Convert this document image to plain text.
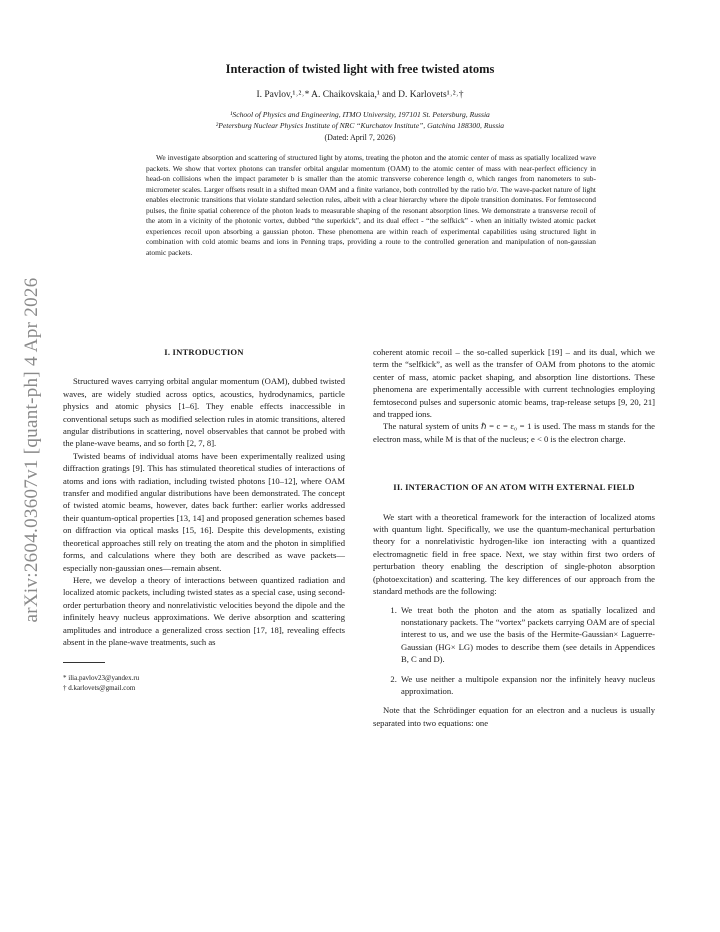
arXiv:2604.03607v1 [quant-ph] 4 Apr 2026
Interaction of twisted light with free twisted atoms
I. Pavlov,¹˒²˒* A. Chaikovskaia,¹ and D. Karlovets¹˒²˒†
¹School of Physics and Engineering, ITMO University, 197101 St. Petersburg, Russia
²Petersburg Nuclear Physics Institute of NRC “Kurchatov Institute”, Gatchina 188300, Russia
(Dated: April 7, 2026)

We investigate absorption and scattering of structured light by atoms, treating the photon and the atomic center of mass as spatially localized wave packets. We show that vortex photons can transfer orbital angular momentum (OAM) to the atomic center of mass with near-perfect efficiency in head-on collisions when the impact parameter b is smaller than the atomic transverse coherence length σ, which ranges from nanometers to sub-micrometer scales. Larger offsets result in a shifted mean OAM and a finite variance, both controlled by the ratio b/σ. The wave-packet nature of light enables electronic transitions that violate standard selection rules, albeit with a clear hierarchy where the dipole transition dominates. For femtosecond pulses, the finite spatial coherence of the photon leads to measurable shaping of the resonant absorption lines. We demonstrate a transverse recoil of the atom in a vicinity of the photonic vortex, dubbed “the superkick”, and its dual effect - “the selfkick” - when an initially twisted atomic packet experiences recoil upon absorbing a gaussian photon. These phenomena are within reach of experimental capabilities using structured light in combination with cold atomic beams and ions in Penning traps, providing a route to the controlled generation and manipulation of non-gaussian atomic packets.

I. INTRODUCTION

Structured waves carrying orbital angular momentum (OAM), dubbed twisted waves, are widely studied across optics, acoustics, hydrodynamics, particle physics and atomic physics [1–6]. They enable effects inaccessible in conventional setups such as modified selection rules in atomic transitions, altered angular distributions in scattering, novel observables that cannot be probed with the plane-wave beams, and so forth [2, 7, 8].

Twisted beams of individual atoms have been experimentally realized using diffraction gratings [9]. This has stimulated theoretical studies of interactions of atoms and ions with radiation, including twisted photons [10–12], where OAM transfer and modified angular distributions have been demonstrated. The concept of twisted atomic beams, however, dates back further: earlier works addressed their quantum-optical properties [13, 14] and proposed generation schemes based on diffraction via optical masks [15, 16]. Despite this developments, existing theoretical approaches still rely on treating the atom and the photon in simplified forms, and calculations where they both are described as wave packets—especially non-gaussian ones—remain absent.

Here, we develop a theory of interactions between quantized radiation and localized atomic packets, including twisted states as a special case, using second-order perturbation theory and nonrelativistic velocities beyond the dipole and the infinitely heavy nucleus approximations. We derive absorption and scattering amplitudes and introduce a generalized cross section [17, 18], revealing effects absent in the plane-wave treatments, such as

* ilia.pavlov23@yandex.ru

† d.karlovets@gmail.com

coherent atomic recoil – the so-called superkick [19] – and its dual, which we term the “selfkick”, as well as the transfer of OAM from photons to the atomic center of mass, atomic packet shaping, and absorption line distortions. These phenomena are experimentally accessible with current technologies employing femtosecond pulses and supersonic atomic beams, trap-release setups [9, 20, 21] and trapped ions.

The natural system of units ℏ = c = ε₀ = 1 is used. The mass m stands for the electron mass, while M is that of the nucleus; e < 0 is the electron charge.

II. INTERACTION OF AN ATOM WITH EXTERNAL FIELD

We start with a theoretical framework for the interaction of localized atoms with quantum light. Specifically, we use the quantum-mechanical perturbation theory for a nonrelativistic hydrogen-like ion interacting with a quantized electromagnetic field in free space. Next, we stay within first two orders of perturbation theory enabling the description of single-photon absorption (photoexcitation) and scattering. The key differences of our approach from the standard methods are the following:

1. We treat both the photon and the atom as spatially localized and nonstationary packets. The “vortex” packets carrying OAM are of special interest to us, and we use the basis of the Hermite-Gaussian× Laguerre-Gaussian (HG× LG) modes to describe them (see details in Appendices B, C and D).
2. We use neither a multipole expansion nor the infinitely heavy nucleus approximation.

Note that the Schrödinger equation for an electron and a nucleus is usually separated into two equations: one
